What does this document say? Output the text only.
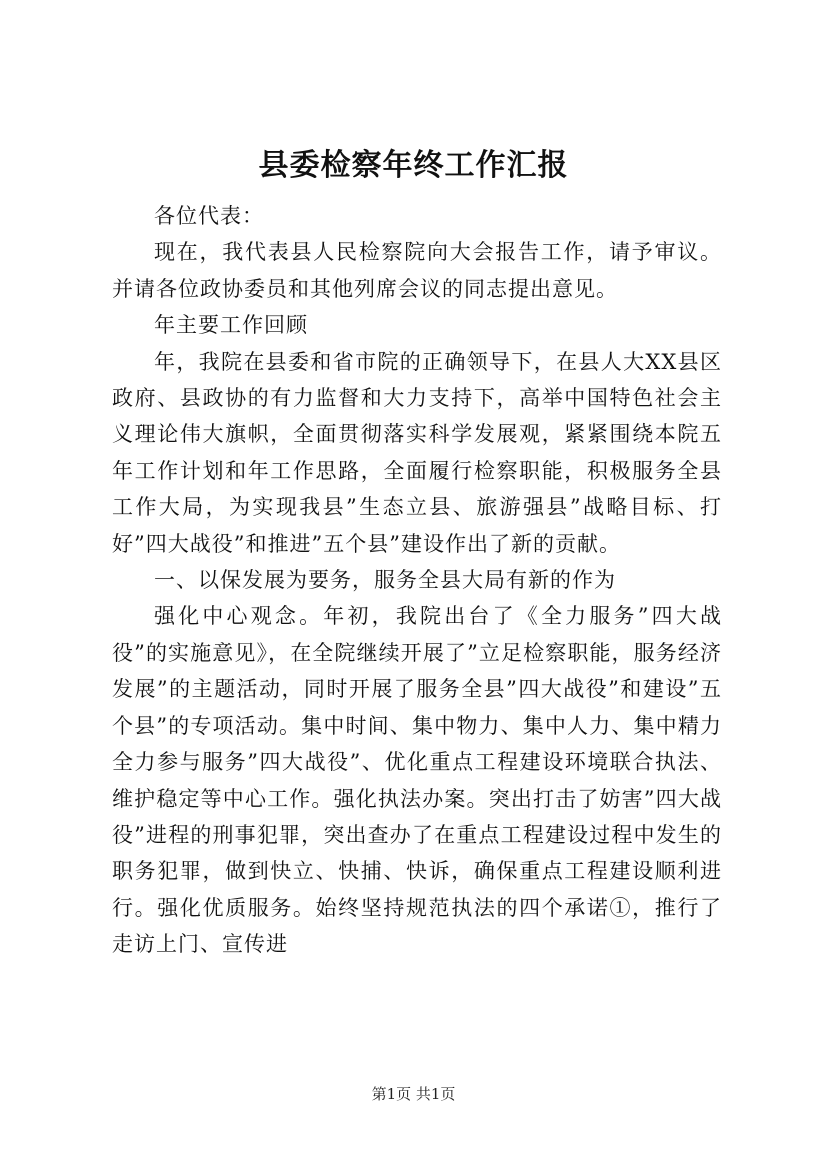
县委检察年终工作汇报

各位代表：

现在，我代表县人民检察院向大会报告工作，请予审议。并请各位政协委员和其他列席会议的同志提出意见。

年主要工作回顾

年，我院在县委和省市院的正确领导下，在县人大XX县区政府、县政协的有力监督和大力支持下，高举中国特色社会主义理论伟大旗帜，全面贯彻落实科学发展观，紧紧围绕本院五年工作计划和年工作思路，全面履行检察职能，积极服务全县工作大局，为实现我县”生态立县、旅游强县”战略目标、打好”四大战役”和推进”五个县”建设作出了新的贡献。

一、以保发展为要务，服务全县大局有新的作为

强化中心观念。年初，我院出台了《全力服务”四大战役”的实施意见》，在全院继续开展了”立足检察职能，服务经济发展”的主题活动，同时开展了服务全县”四大战役”和建设”五个县”的专项活动。集中时间、集中物力、集中人力、集中精力全力参与服务”四大战役”、优化重点工程建设环境联合执法、维护稳定等中心工作。强化执法办案。突出打击了妨害”四大战役”进程的刑事犯罪，突出查办了在重点工程建设过程中发生的职务犯罪，做到快立、快捕、快诉，确保重点工程建设顺利进行。强化优质服务。始终坚持规范执法的四个承诺①，推行了走访上门、宣传进

第1页 共1页
